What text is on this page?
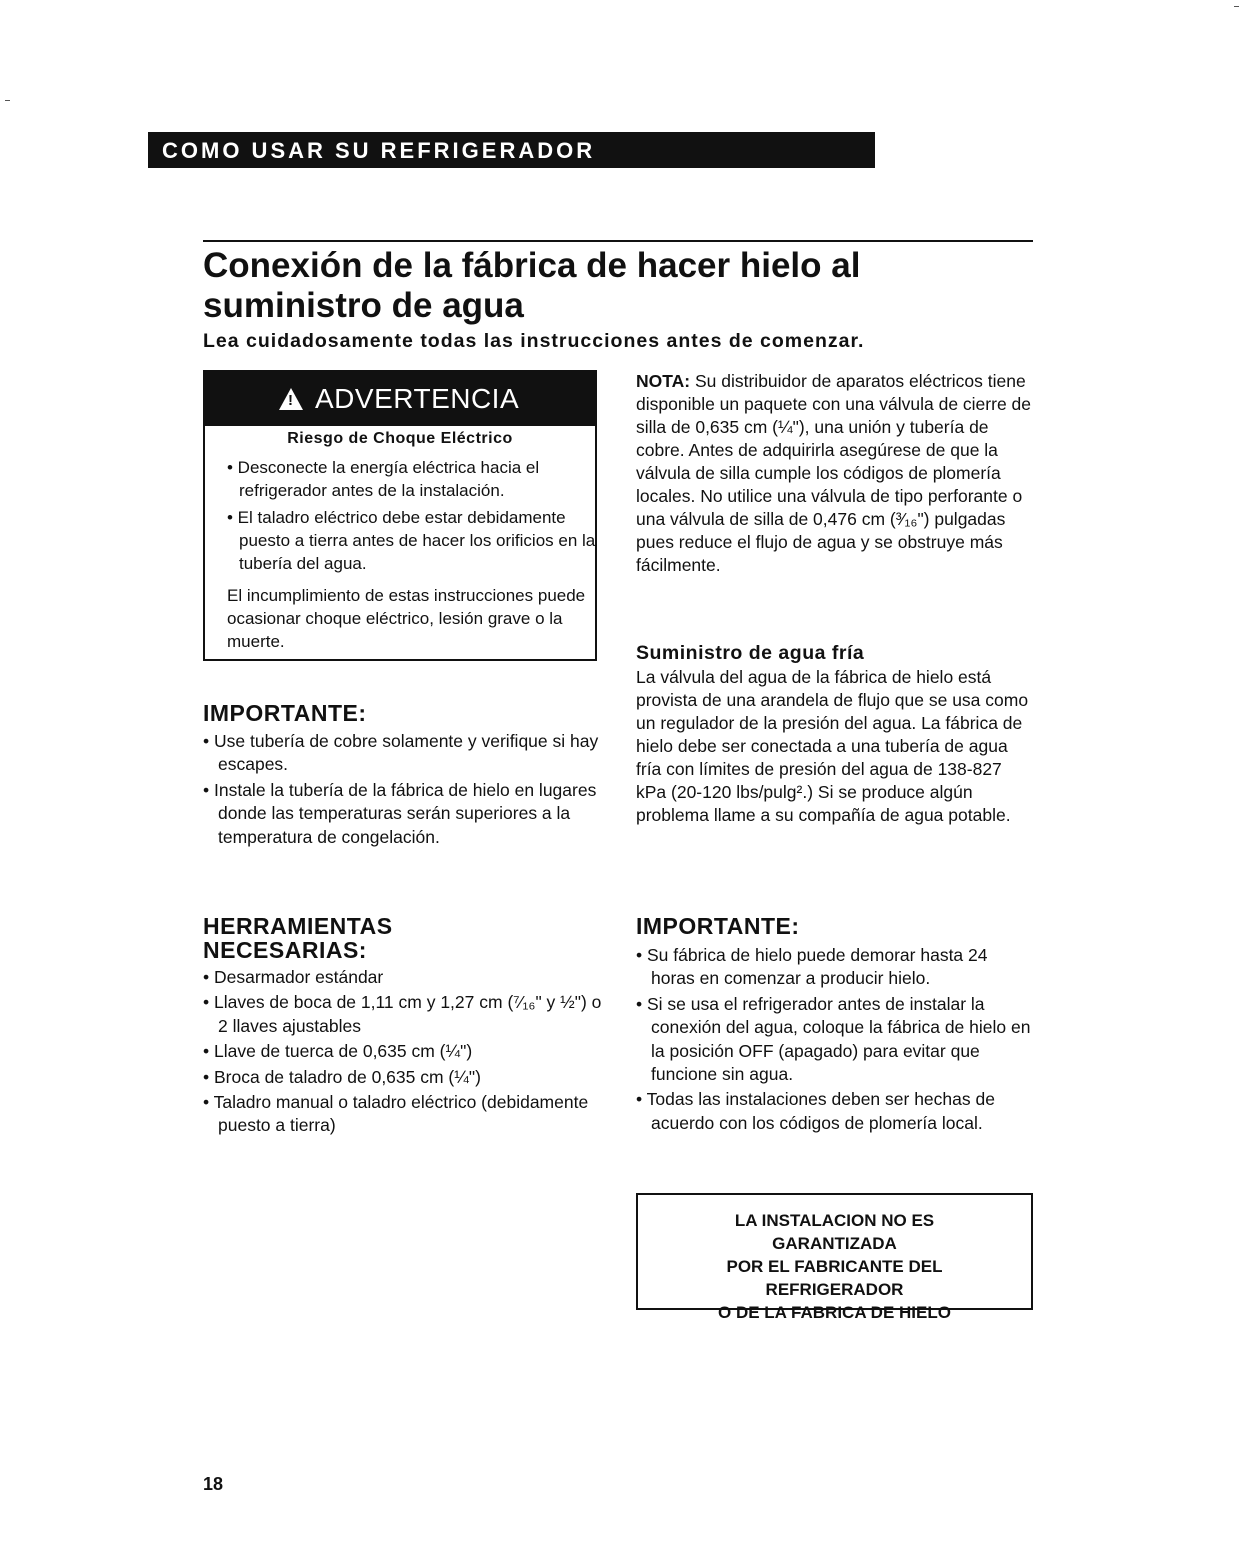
COMO USAR SU REFRIGERADOR
Conexión de la fábrica de hacer hielo al
suministro de agua
Lea cuidadosamente todas las instrucciones antes de comenzar.
! ADVERTENCIA
Riesgo de Choque Eléctrico
• Desconecte la energía eléctrica hacia el refrigerador antes de la instalación.
• El taladro eléctrico debe estar debidamente puesto a tierra antes de hacer los orificios en la tubería del agua.
El incumplimiento de estas instrucciones puede ocasionar choque eléctrico, lesión grave o la muerte.
IMPORTANTE:
• Use tubería de cobre solamente y verifique si hay escapes.
• Instale la tubería de la fábrica de hielo en lugares donde las temperaturas serán superiores a la temperatura de congelación.
HERRAMIENTAS
NECESARIAS:
• Desarmador estándar
• Llaves de boca de 1,11 cm y 1,27 cm (⁷⁄₁₆" y ½") o 2 llaves ajustables
• Llave de tuerca de 0,635 cm (¼")
• Broca de taladro de 0,635 cm (¼")
• Taladro manual o taladro eléctrico (debidamente puesto a tierra)
NOTA: Su distribuidor de aparatos eléctricos tiene disponible un paquete con una válvula de cierre de silla de 0,635 cm (¼"), una unión y tubería de cobre. Antes de adquirirla asegúrese de que la válvula de silla cumple los códigos de plomería locales. No utilice una válvula de tipo perforante o una válvula de silla de 0,476 cm (³⁄₁₆") pulgadas pues reduce el flujo de agua y se obstruye más fácilmente.
Suministro de agua fría
La válvula del agua de la fábrica de hielo está provista de una arandela de flujo que se usa como un regulador de la presión del agua. La fábrica de hielo debe ser conectada a una tubería de agua fría con límites de presión del agua de 138-827 kPa (20-120 lbs/pulg².) Si se produce algún problema llame a su compañía de agua potable.
IMPORTANTE:
• Su fábrica de hielo puede demorar hasta 24 horas en comenzar a producir hielo.
• Si se usa el refrigerador antes de instalar la conexión del agua, coloque la fábrica de hielo en la posición OFF (apagado) para evitar que funcione sin agua.
• Todas las instalaciones deben ser hechas de acuerdo con los códigos de plomería local.
LA INSTALACION NO ES
GARANTIZADA
POR EL FABRICANTE DEL
REFRIGERADOR
O DE LA FABRICA DE HIELO
18
